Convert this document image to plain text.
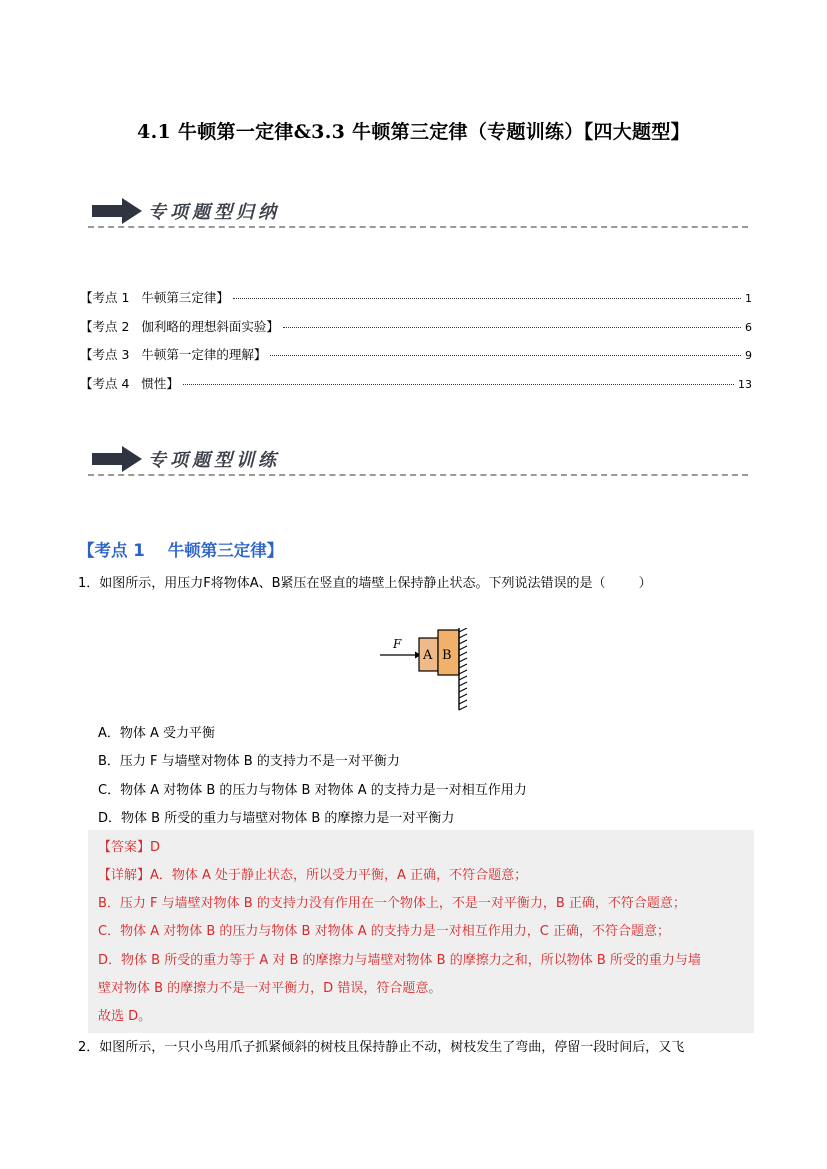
4.1 牛顿第一定律&3.3 牛顿第三定律（专题训练）【四大题型】
专项题型归纳
【考点 1   牛顿第三定律】	1
【考点 2   伽利略的理想斜面实验】	6
【考点 3   牛顿第一定律的理解】	9
【考点 4   惯性】	13
专项题型训练
【考点 1    牛顿第三定律】
1．如图所示，用压力F将物体A、B紧压在竖直的墙壁上保持静止状态。下列说法错误的是（        ）
F
A B
A．物体 A 受力平衡
B．压力 F 与墙壁对物体 B 的支持力不是一对平衡力
C．物体 A 对物体 B 的压力与物体 B 对物体 A 的支持力是一对相互作用力
D．物体 B 所受的重力与墙壁对物体 B 的摩擦力是一对平衡力
【答案】D
【详解】A．物体 A 处于静止状态，所以受力平衡，A 正确，不符合题意；
B．压力 F 与墙壁对物体 B 的支持力没有作用在一个物体上，不是一对平衡力，B 正确，不符合题意；
C．物体 A 对物体 B 的压力与物体 B 对物体 A 的支持力是一对相互作用力，C 正确，不符合题意；
D．物体 B 所受的重力等于 A 对 B 的摩擦力与墙壁对物体 B 的摩擦力之和，所以物体 B 所受的重力与墙
壁对物体 B 的摩擦力不是一对平衡力，D 错误，符合题意。
故选 D。
2．如图所示，一只小鸟用爪子抓紧倾斜的树枝且保持静止不动，树枝发生了弯曲，停留一段时间后，又飞
